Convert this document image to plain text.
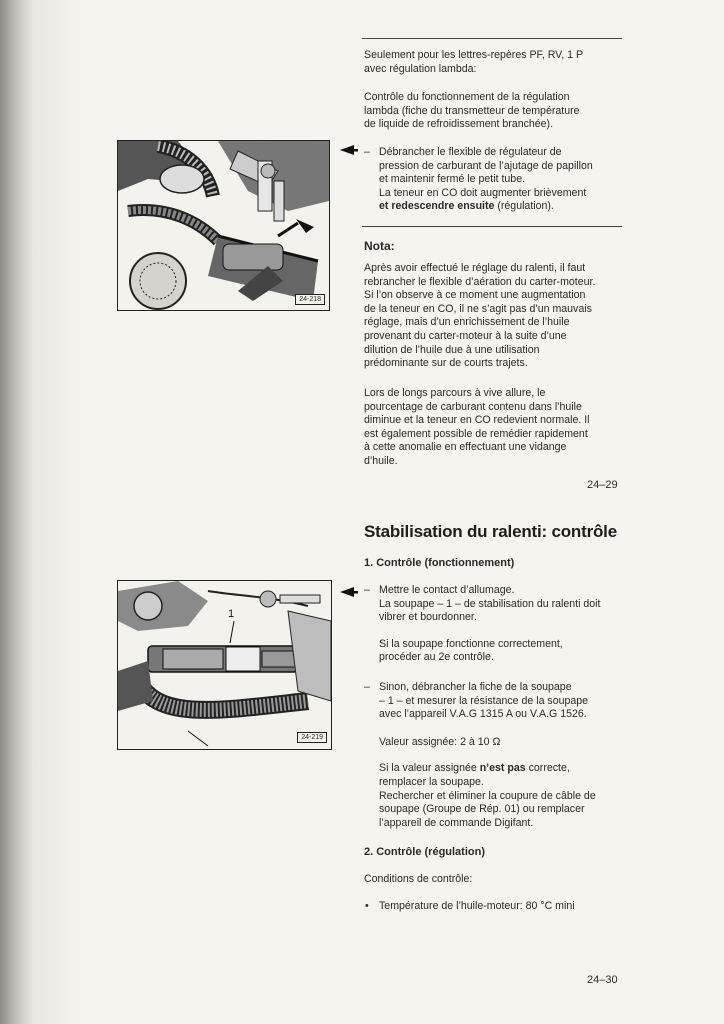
Seulement pour les lettres-repères PF, RV, 1 P

avec régulation lambda:

Contrôle du fonctionnement de la régulation

lambda (fiche du transmetteur de température

de liquide de refroidissement branchée).

– Débrancher le flexible de régulateur de

pression de carburant de l’ajutage de papillon

et maintenir fermé le petit tube.

La teneur en CO doit augmenter brièvement

et redescendre ensuite (régulation).

24-218
Nota:

Après avoir effectué le réglage du ralenti, il faut

rebrancher le flexible d’aération du carter-moteur.

Si l’on observe à ce moment une augmentation

de la teneur en CO, il ne s’agit pas d’un mauvais

réglage, mais d’un enrichissement de l’huile

provenant du carter-moteur à la suite d’une

dilution de l’huile due à une utilisation

prédominante sur de courts trajets.

Lors de longs parcours à vive allure, le

pourcentage de carburant contenu dans l’huile

diminue et la teneur en CO redevient normale. Il

est également possible de remédier rapidement

à cette anomalie en effectuant une vidange

d’huile.

24–29
Stabilisation du ralenti: contrôle
1. Contrôle (fonctionnement)
– Mettre le contact d’allumage.

La soupape – 1 – de stabilisation du ralenti doit

vibrer et bourdonner.

Si la soupape fonctionne correctement,

procéder au 2e contrôle.

– Sinon, débrancher la fiche de la soupape

– 1 – et mesurer la résistance de la soupape

avec l’appareil V.A.G 1315 A ou V.A.G 1526.

Valeur assignée: 2 à 10 Ω

Si la valeur assignée n’est pas correcte,

remplacer la soupape.

Rechercher et éliminer la coupure de câble de

soupape (Groupe de Rép. 01) ou remplacer

l’appareil de commande Digifant.

1
24-219
2. Contrôle (régulation)
Conditions de contrôle:
• Température de l’huile-moteur: 80 °C mini

24–30
